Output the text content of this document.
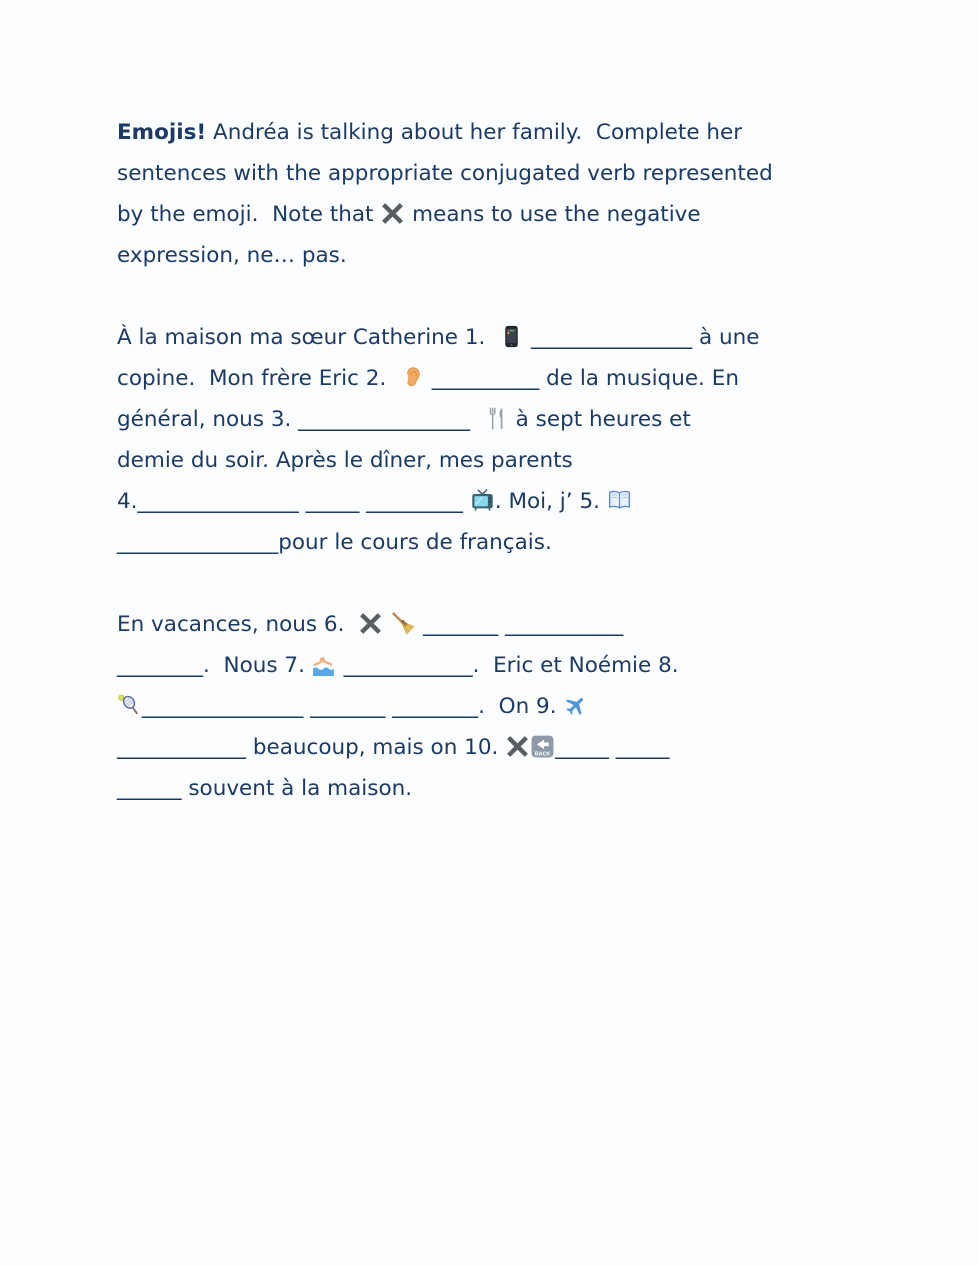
Emojis! Andréa is talking about her family.  Complete her
sentences with the appropriate conjugated verb represented
by the emoji.  Note that
means to use the negative
expression, ne… pas.

À la maison ma sœur Catherine 1.
_______________ à une
copine.  Mon frère Eric 2.
__________ de la musique. En
général, nous 3. ________________
à sept heures et
demie du soir. Après le dîner, mes parents
4._______________ _____ _________
. Moi, j’ 5.
_______________pour le cours de français.

En vacances, nous 6.	_______ ___________
________.  Nous 7.
____________.  Eric et Noémie 8.
_______________ _______ ________.  On 9.
____________ beaucoup, mais on 10.	BACK _____ _____
______ souvent à la maison.
